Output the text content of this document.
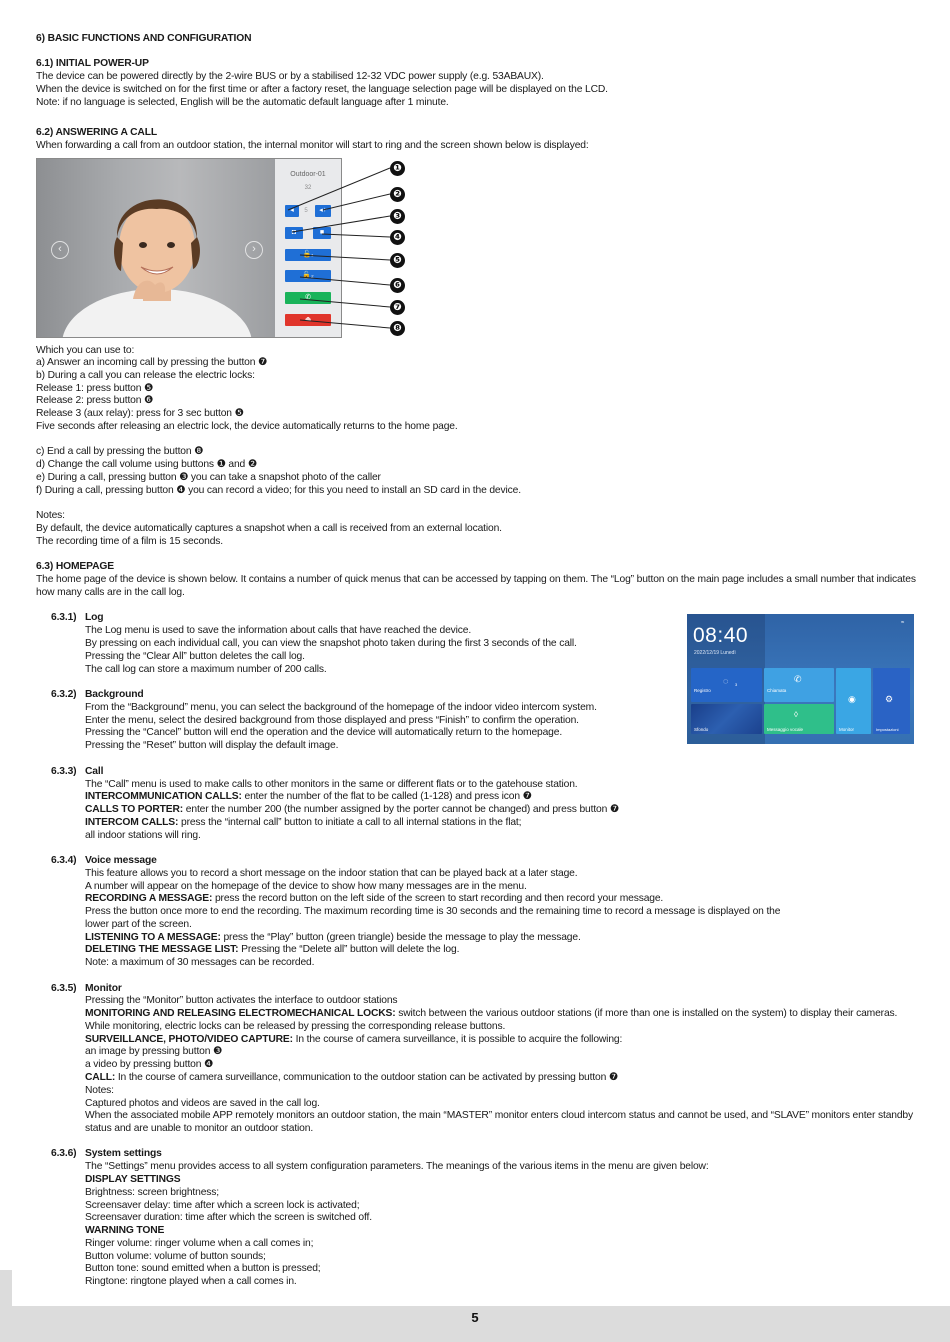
6) BASIC FUNCTIONS AND CONFIGURATION
6.1) INITIAL POWER-UP
The device can be powered directly by the 2-wire BUS or by a stabilised 12-32 VDC power supply (e.g. 53ABAUX).
When the device is switched on for the first time or after a factory reset, the language selection page will be displayed on the LCD.
Note: if no language is selected, English will be the automatic default language after 1 minute.
6.2) ANSWERING A CALL
When forwarding a call from an outdoor station, the internal monitor will start to ring and the screen shown below is displayed:
‹	›
Outdoor-01
32
◂	5	◂+
◘	■
🔓₁
🔓₂
✆
⏏
❶
❷
❸
❹
❺
❻
❼
❽
Which you can use to:
a) Answer an incoming call by pressing the button ❼
b) During a call you can release the electric locks:
Release 1: press button ❺
Release 2: press button ❻
Release 3 (aux relay): press for 3 sec button ❺
Five seconds after releasing an electric lock, the device automatically returns to the home page.
c) End a call by pressing the button ❽
d) Change the call volume using buttons ❶ and ❷
e) During a call, pressing button ❸ you can take a snapshot photo of the caller
f) During a call, pressing button ❹ you can record a video; for this you need to install an SD card in the device.
Notes:
By default, the device automatically captures a snapshot when a call is received from an external location.
The recording time of a film is 15 seconds.
6.3) HOMEPAGE
The home page of the device is shown below. It contains a number of quick menus that can be accessed by tapping on them. The “Log” button on the main page includes a small number that indicates how many calls are in the call log.
≈
08:40
2022/12/19 Lunedì
◌ 3
Registro
✆
Chiamata
Sfondo
◊
Messaggio vocale
◉
Monitor
⚙
Impostazioni
6.3.1) Log
The Log menu is used to save the information about calls that have reached the device.
By pressing on each individual call, you can view the snapshot photo taken during the first 3 seconds of the call.
Pressing the “Clear All” button deletes the call log.
The call log can store a maximum number of 200 calls.
6.3.2) Background
From the “Background” menu, you can select the background of the homepage of the indoor video intercom system.
Enter the menu, select the desired background from those displayed and press “Finish” to confirm the operation.
Pressing the “Cancel” button will end the operation and the device will automatically return to the homepage.
Pressing the “Reset” button will display the default image.
6.3.3) Call
The “Call” menu is used to make calls to other monitors in the same or different flats or to the gatehouse station.
INTERCOMMUNICATION CALLS: enter the number of the flat to be called (1-128) and press icon ❼
CALLS TO PORTER: enter the number 200 (the number assigned by the porter cannot be changed) and press button ❼
INTERCOM CALLS: press the “internal call” button to initiate a call to all internal stations in the flat;
all indoor stations will ring.
6.3.4) Voice message
This feature allows you to record a short message on the indoor station that can be played back at a later stage.
A number will appear on the homepage of the device to show how many messages are in the menu.
RECORDING A MESSAGE: press the record button on the left side of the screen to start recording and then record your message.
Press the button once more to end the recording. The maximum recording time is 30 seconds and the remaining time to record a message is displayed on the lower part of the screen.
LISTENING TO A MESSAGE: press the “Play” button (green triangle) beside the message to play the message.
DELETING THE MESSAGE LIST: Pressing the “Delete all” button will delete the log.
Note: a maximum of 30 messages can be recorded.
6.3.5) Monitor
Pressing the “Monitor” button activates the interface to outdoor stations
MONITORING AND RELEASING ELECTROMECHANICAL LOCKS: switch between the various outdoor stations (if more than one is installed on the system) to display their cameras. While monitoring, electric locks can be released by pressing the corresponding release buttons.
SURVEILLANCE, PHOTO/VIDEO CAPTURE: In the course of camera surveillance, it is possible to acquire the following:
an image by pressing button ❸
a video by pressing button ❹
CALL: In the course of camera surveillance, communication to the outdoor station can be activated by pressing button ❼
Notes:
Captured photos and videos are saved in the call log.
When the associated mobile APP remotely monitors an outdoor station, the main “MASTER” monitor enters cloud intercom status and cannot be used, and “SLAVE” monitors enter standby status and are unable to monitor an outdoor station.
6.3.6) System settings
The “Settings” menu provides access to all system configuration parameters. The meanings of the various items in the menu are given below:
DISPLAY SETTINGS
Brightness: screen brightness;
Screensaver delay: time after which a screen lock is activated;
Screensaver duration: time after which the screen is switched off.
WARNING TONE
Ringer volume: ringer volume when a call comes in;
Button volume: volume of button sounds;
Button tone: sound emitted when a button is pressed;
Ringtone: ringtone played when a call comes in.
5
